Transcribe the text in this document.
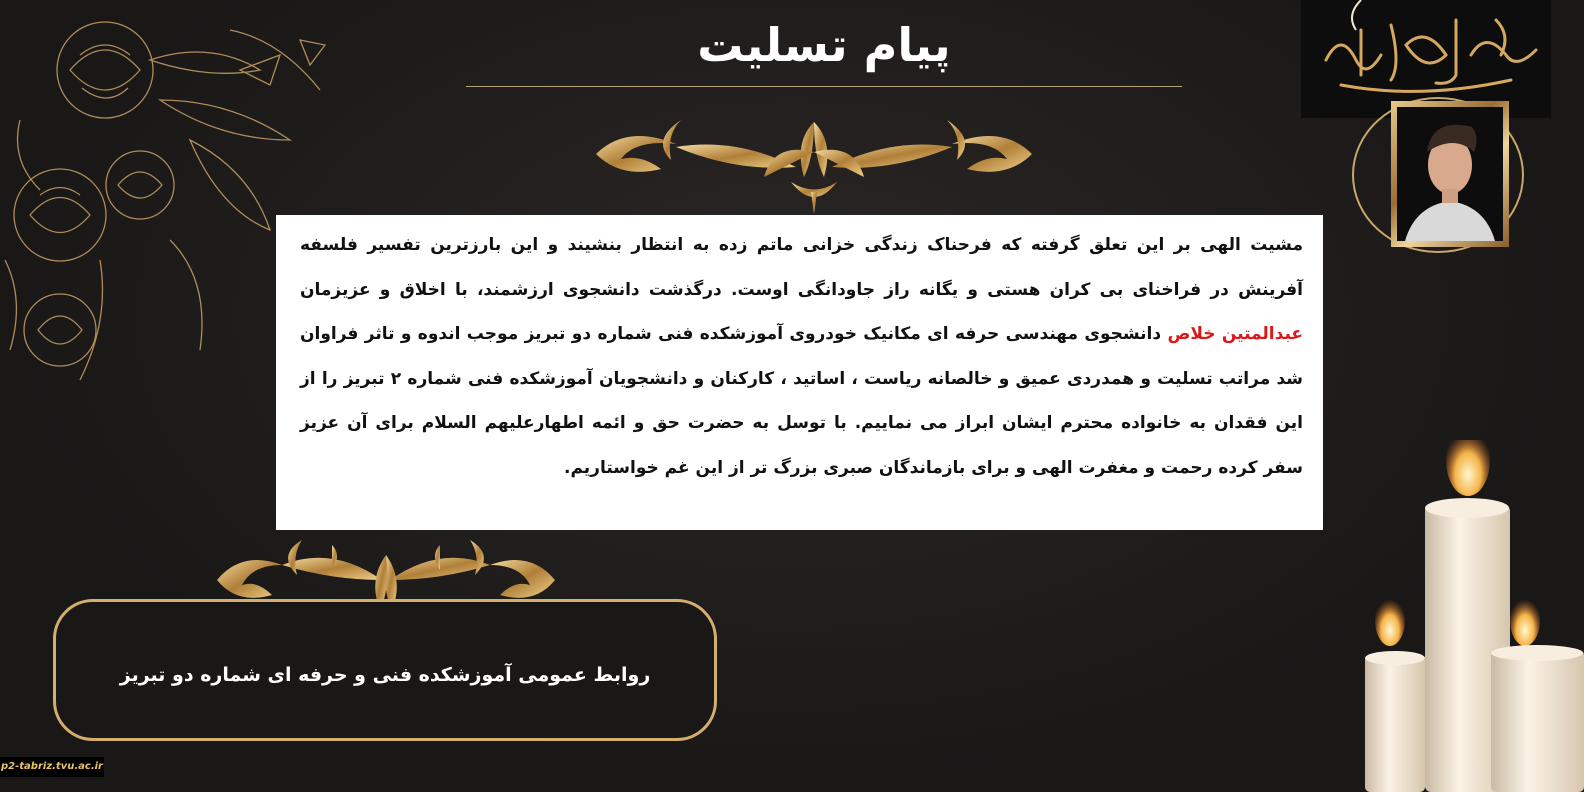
پیام تسلیت

مشیت الهی بر این تعلق گرفته که فرحناک زندگی خزانی ماتم زده به انتظار بنشیند و این بارزترین تفسیر فلسفه آفرینش در فراخنای بی کران هستی و یگانه راز جاودانگی اوست. درگذشت دانشجوی ارزشمند، با اخلاق و عزیزمان عبدالمتین خلاص دانشجوی مهندسی حرفه ای مکانیک خودروی آموزشکده فنی شماره دو تبریز موجب اندوه و تاثر فراوان شد مراتب تسلیت و همدردی عمیق و خالصانه ریاست ، اساتید ، کارکنان و دانشجویان آموزشکده فنی شماره ۲ تبریز را از این فقدان به خانواده محترم ایشان ابراز می نماییم. با توسل به حضرت حق و ائمه اطهارعلیهم السلام برای آن عزیز سفر کرده رحمت و مغفرت الهی و برای بازماندگان صبری بزرگ تر از این غم خواستاریم.

روابط عمومی آموزشکده فنی و حرفه ای شماره دو تبریز
p2-tabriz.tvu.ac.ir
